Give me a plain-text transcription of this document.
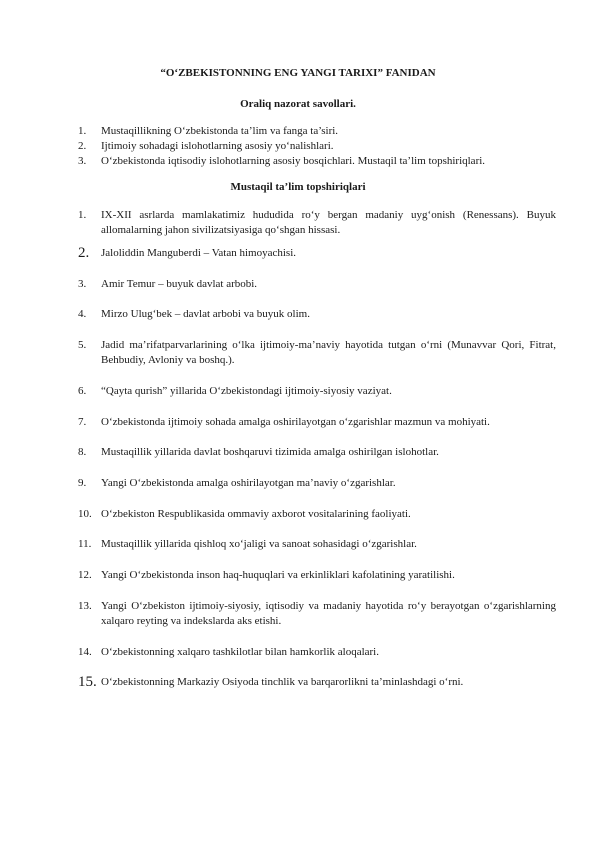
“O‘ZBEKISTONNING ENG YANGI TARIXI” FANIDAN
Oraliq nazorat savollari.
1. Mustaqillikning O‘zbekistonda ta’lim va fanga ta’siri.
2. Ijtimoiy sohadagi islohotlarning asosiy yo‘nalishlari.
3. O‘zbekistonda iqtisodiy islohotlarning asosiy bosqichlari. Mustaqil ta’lim topshiriqlari.
Mustaqil ta’lim topshiriqlari
1. IX-XII asrlarda mamlakatimiz hududida ro‘y bergan madaniy uyg‘onish (Renessans). Buyuk allomalarning jahon sivilizatsiyasiga qo‘shgan hissasi.
2. Jaloliddin Manguberdi – Vatan himoyachisi.
3. Amir Temur – buyuk davlat arbobi.
4. Mirzo Ulug‘bek – davlat arbobi va buyuk olim.
5. Jadid ma’rifatparvarlarining o‘lka ijtimoiy-ma’naviy hayotida tutgan o‘rni (Munavvar Qori, Fitrat, Behbudiy, Avloniy va boshq.).
6. “Qayta qurish” yillarida O‘zbekistondagi ijtimoiy-siyosiy vaziyat.
7. O‘zbekistonda ijtimoiy sohada amalga oshirilayotgan o‘zgarishlar mazmun va mohiyati.
8. Mustaqillik yillarida davlat boshqaruvi tizimida amalga oshirilgan islohotlar.
9. Yangi O‘zbekistonda amalga oshirilayotgan ma’naviy o‘zgarishlar.
10. O‘zbekiston Respublikasida ommaviy axborot vositalarining faoliyati.
11. Mustaqillik yillarida qishloq xo‘jaligi va sanoat sohasidagi o‘zgarishlar.
12. Yangi O‘zbekistonda inson haq-huquqlari va erkinliklari kafolatining yaratilishi.
13. Yangi O‘zbekiston ijtimoiy-siyosiy, iqtisodiy va madaniy hayotida ro‘y berayotgan o‘zgarishlarning xalqaro reyting va indekslarda aks etishi.
14. O‘zbekistonning xalqaro tashkilotlar bilan hamkorlik aloqalari.
15. O‘zbekistonning Markaziy Osiyoda tinchlik va barqarorlikni ta’minlashdagi o‘rni.
